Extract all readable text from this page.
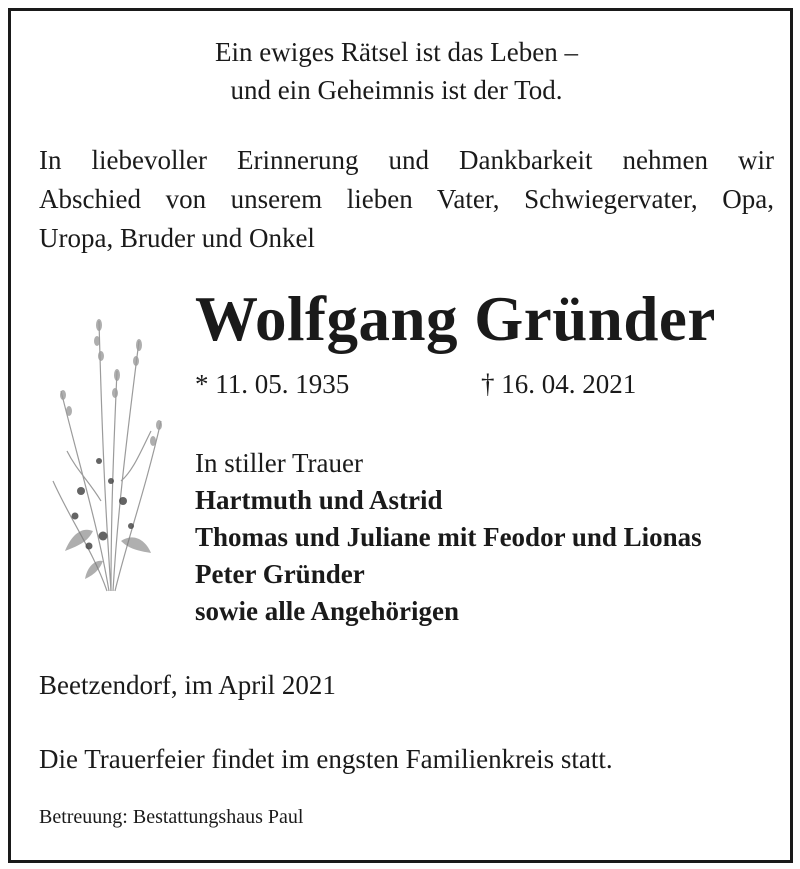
Ein ewiges Rätsel ist das Leben –
und ein Geheimnis ist der Tod.
In liebevoller Erinnerung und Dankbarkeit nehmen wir
Abschied von unserem lieben Vater, Schwiegervater, Opa,
Uropa, Bruder und Onkel
Wolfgang Gründer
* 11. 05. 1935	† 16. 04. 2021
In stiller Trauer
Hartmuth und Astrid
Thomas und Juliane mit Feodor und Lionas
Peter Gründer
sowie alle Angehörigen
Beetzendorf, im April 2021
Die Trauerfeier findet im engsten Familienkreis statt.
Betreuung: Bestattungshaus Paul
